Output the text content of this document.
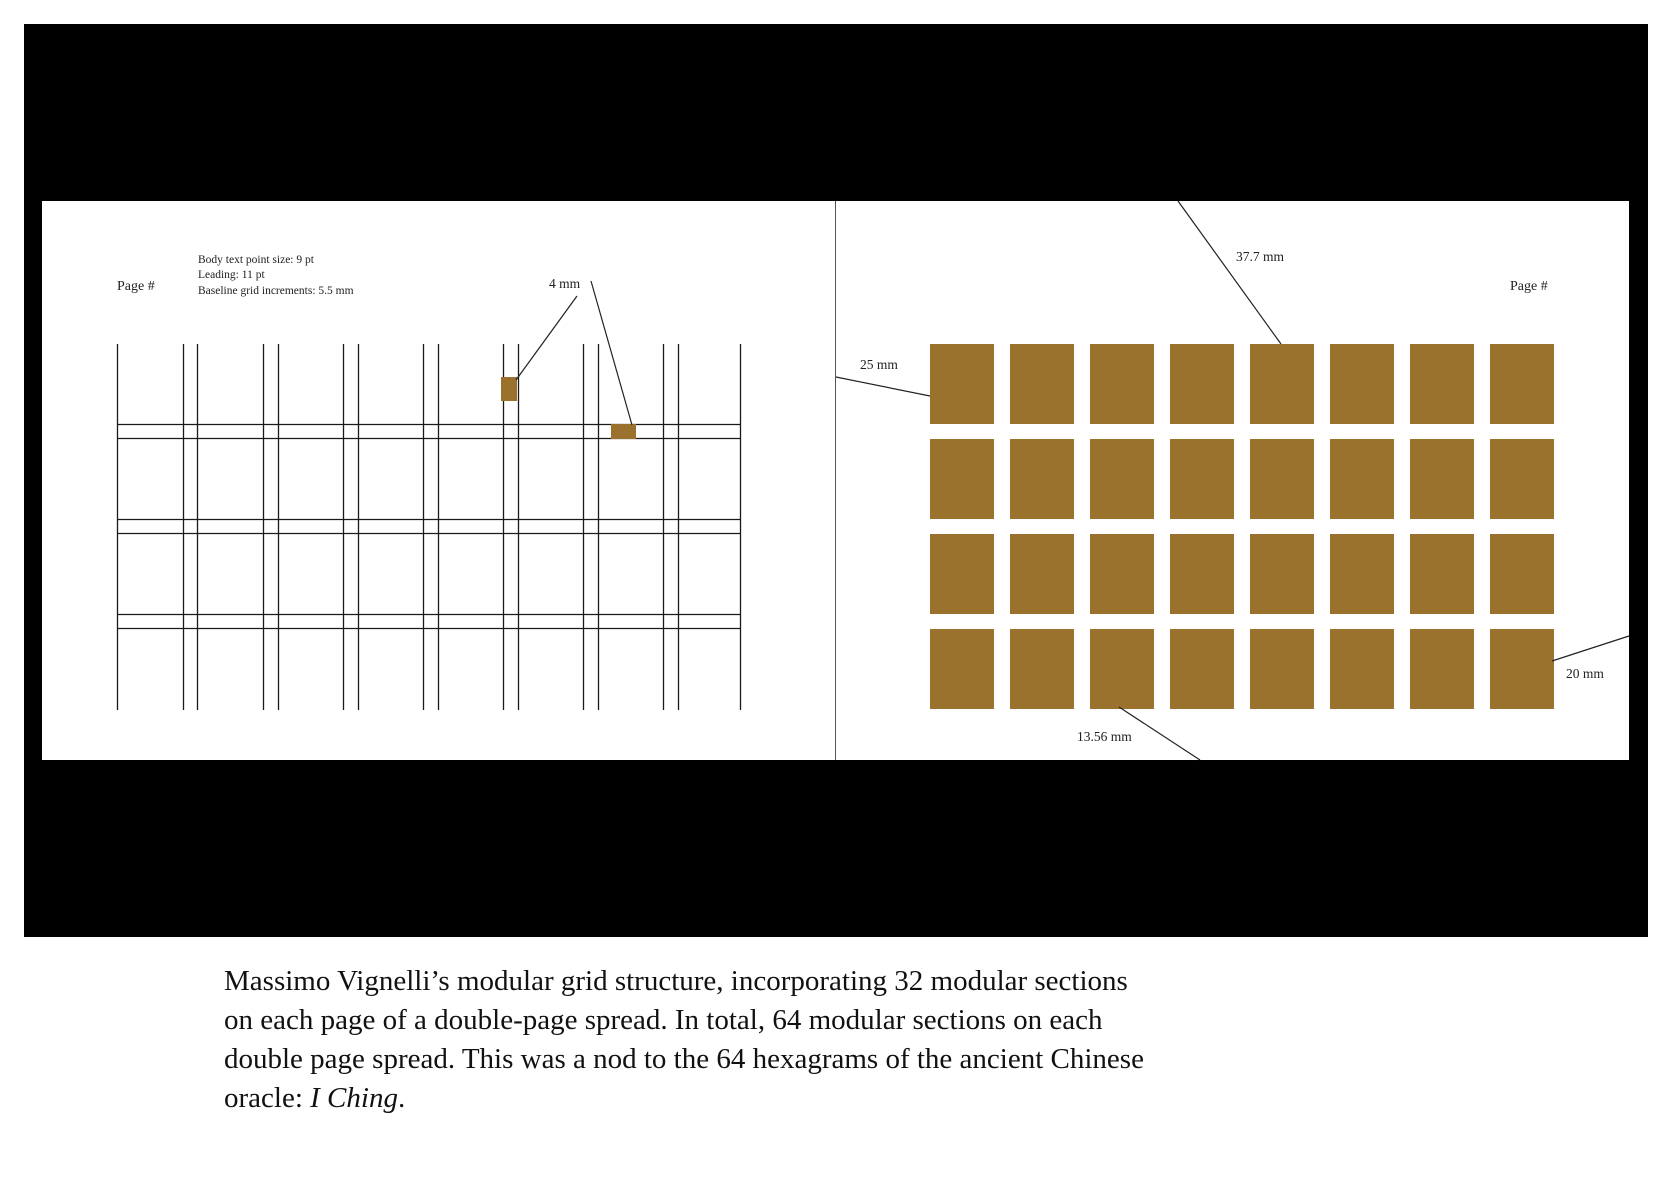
Page #
Body text point size: 9 pt
Leading: 11 pt
Baseline grid increments: 5.5 mm	4 mm	Page #
37.7 mm
25 mm
20 mm
13.56 mm

Massimo Vignelli’s modular grid structure, incorporating 32 modular sections
on each page of a double-page spread. In total, 64 modular sections on each
double page spread. This was a nod to the 64 hexagrams of the ancient Chinese
oracle: I Ching.
